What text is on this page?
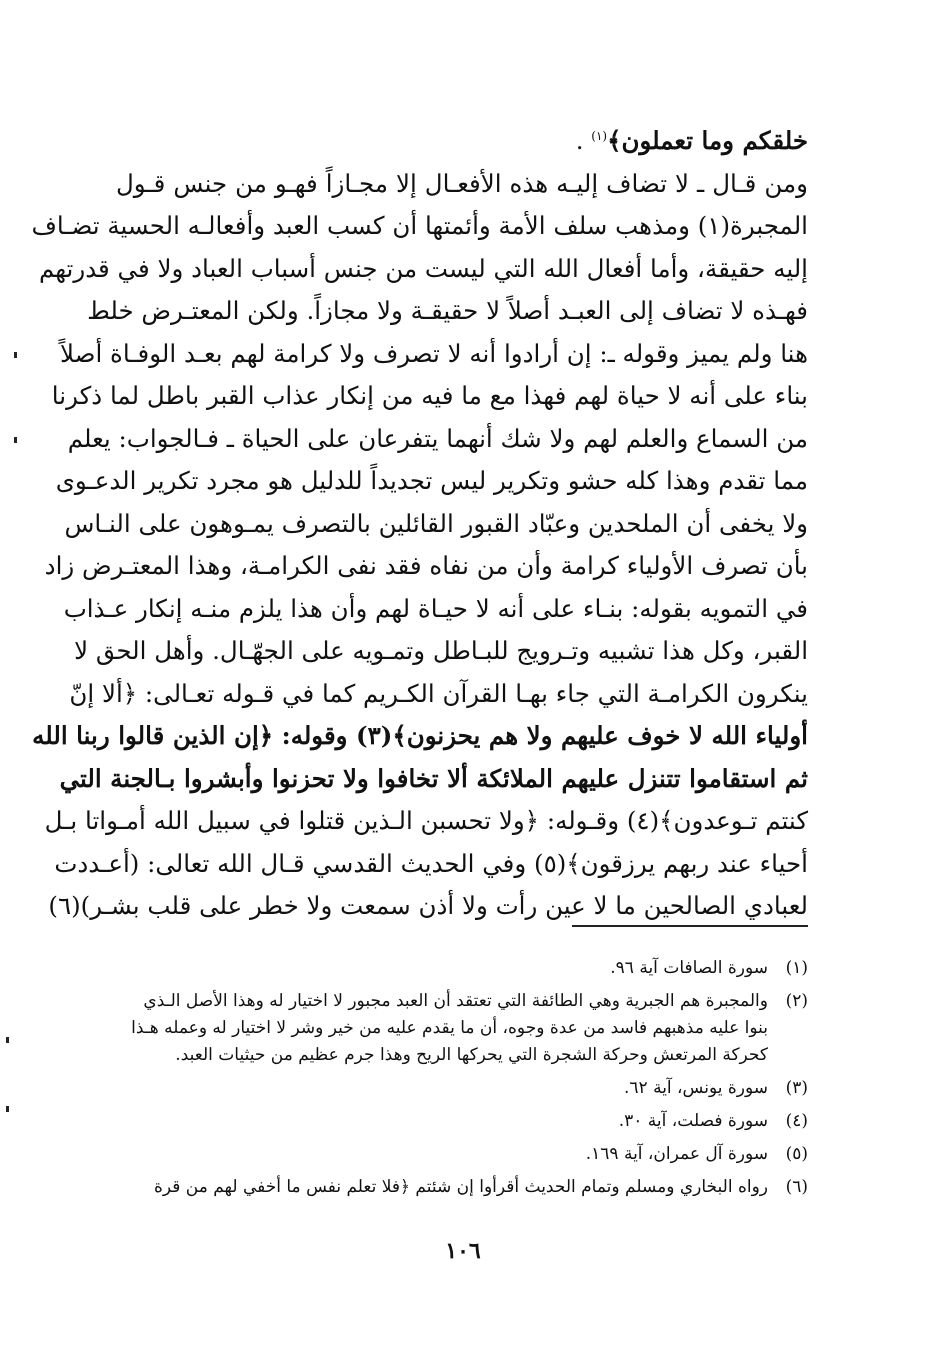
خلقكم وما تعملون﴾$^{(١)}$ .
ومن قـال ـ لا تضاف إليـه هذه الأفعـال إلا مجـازاً فهـو من جنس قـول
المجبرة(١) ومذهب سلف الأمة وأئمتها أن كسب العبد وأفعالـه الحسية تضـاف
إليه حقيقة، وأما أفعال الله التي ليست من جنس أسباب العباد ولا في قدرتهم
فهـذه لا تضاف إلى العبـد أصلاً لا حقيقـة ولا مجازاً. ولكن المعتـرض خلط
هنا ولم يميز وقوله ـ: إن أرادوا أنه لا تصرف ولا كرامة لهم بعـد الوفـاة أصلاً
بناء على أنه لا حياة لهم فهذا مع ما فيه من إنكار عذاب القبر باطل لما ذكرنا
من السماع والعلم لهم ولا شك أنهما يتفرعان على الحياة ـ فـالجواب: يعلم
مما تقدم وهذا كله حشو وتكرير ليس تجديداً للدليل هو مجرد تكرير الدعـوى
ولا يخفى أن الملحدين وعبّاد القبور القائلين بالتصرف يمـوهون على النـاس
بأن تصرف الأولياء كرامة وأن من نفاه فقد نفى الكرامـة، وهذا المعتـرض زاد
في التمويه بقوله: بنـاء على أنه لا حيـاة لهم وأن هذا يلزم منـه إنكار عـذاب
القبر، وكل هذا تشبيه وتـرويج للبـاطل وتمـويه على الجهّـال. وأهل الحق لا
ينكرون الكرامـة التي جاء بهـا القرآن الكـريم كما في قـوله تعـالى: ﴿ألا إنّ
أولياء الله لا خوف عليهم ولا هم يحزنون﴾(٣) وقوله: ﴿إن الذين قالوا ربنا الله
ثم استقاموا تتنزل عليهم الملائكة ألا تخافوا ولا تحزنوا وأبشروا بـالجنة التي
كنتم تـوعدون﴾(٤) وقـوله: ﴿ولا تحسبن الـذين قتلوا في سبيل الله أمـواتا بـل
أحياء عند ربهم يرزقون﴾(٥) وفي الحديث القدسي قـال الله تعالى: (أعـددت
لعبادي الصالحين ما لا عين رأت ولا أذن سمعت ولا خطر على قلب بشـر)(٦)
(١)
سورة الصافات آية ٩٦.
(٢)
والمجبرة هم الجبرية وهي الطائفة التي تعتقد أن العبد مجبور لا اختيار له وهذا الأصل الـذي
بنوا عليه مذهبهم فاسد من عدة وجوه، أن ما يقدم عليه من خير وشر لا اختيار له وعمله هـذا
كحركة المرتعش وحركة الشجرة التي يحركها الريح وهذا جرم عظيم من حيثيات العبد.
(٣)
سورة يونس، آية ٦٢.
(٤)
سورة فصلت، آية ٣٠.
(٥)
سورة آل عمران، آية ١٦٩.
(٦)
رواه البخاري ومسلم وتمام الحديث أقرأوا إن شئتم ﴿فلا تعلم نفس ما أخفي لهم من قرة
١٠٦
